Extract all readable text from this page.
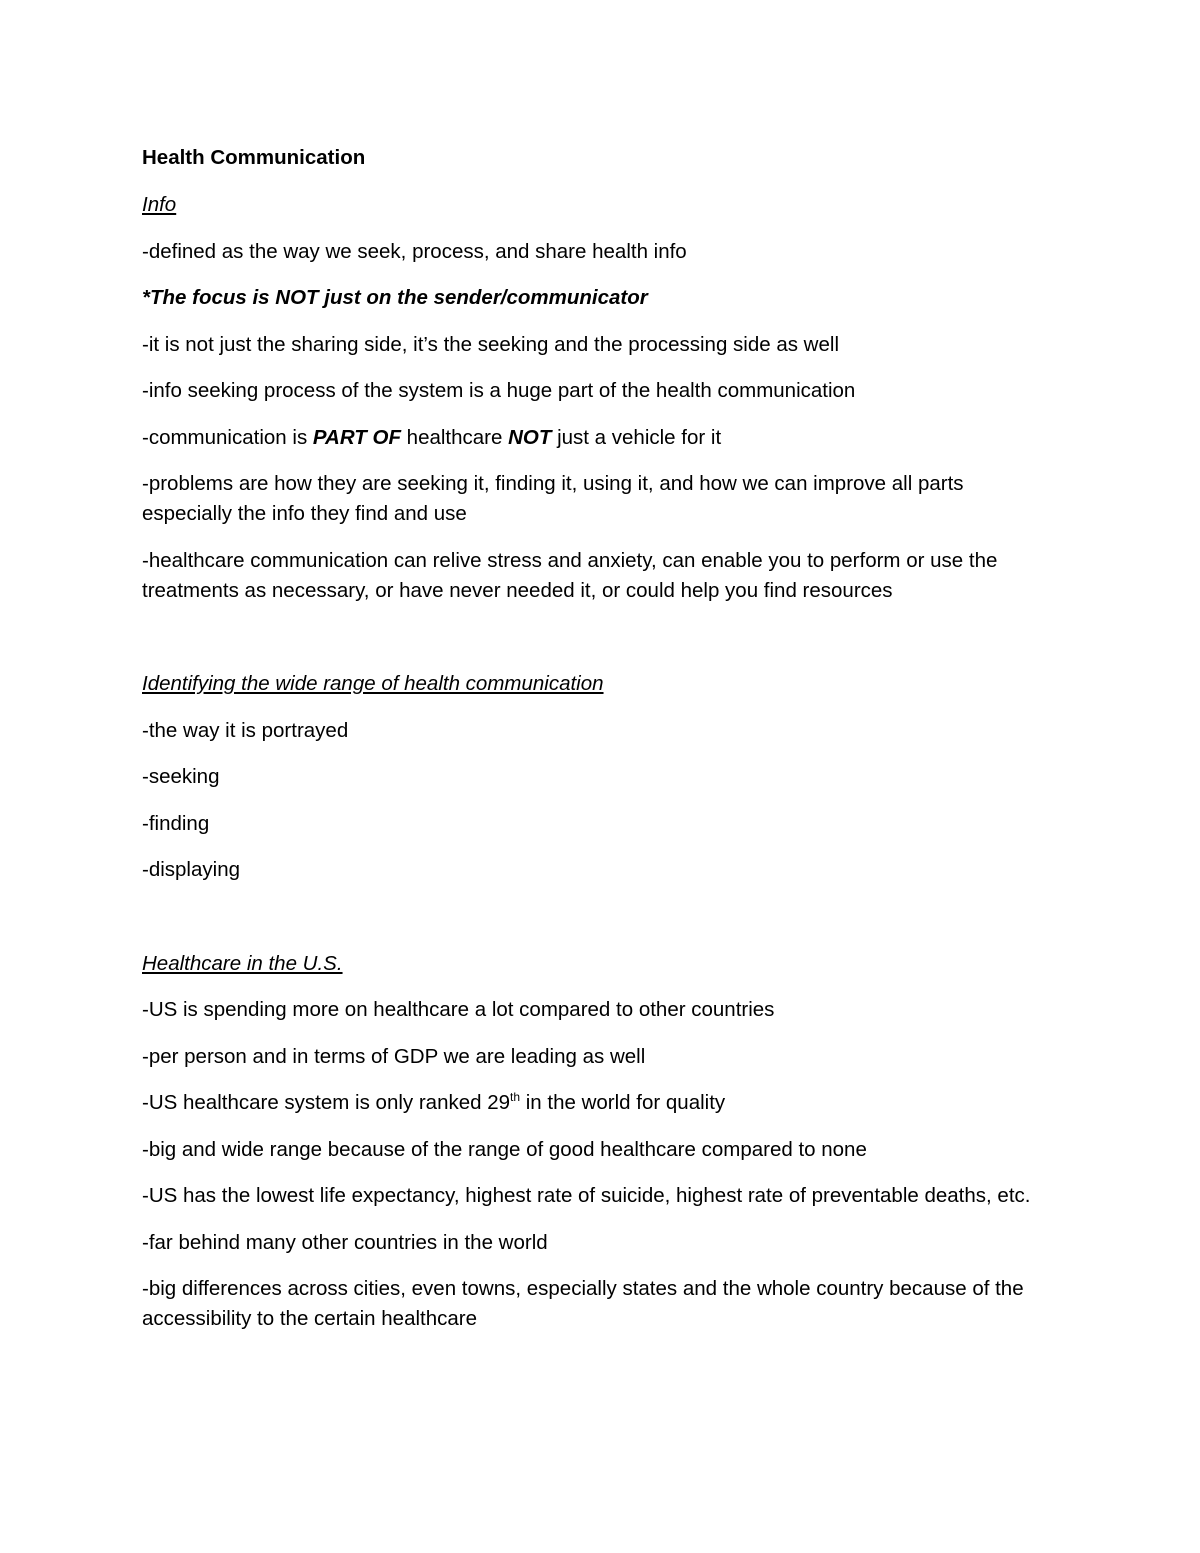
Health Communication

Info

-defined as the way we seek, process, and share health info

*The focus is NOT just on the sender/communicator

-it is not just the sharing side, it’s the seeking and the processing side as well

-info seeking process of the system is a huge part of the health communication

-communication is PART OF healthcare NOT just a vehicle for it

-problems are how they are seeking it, finding it, using it, and how we can improve all parts especially the info they find and use

-healthcare communication can relive stress and anxiety, can enable you to perform or use the treatments as necessary, or have never needed it, or could help you find resources

Identifying the wide range of health communication

-the way it is portrayed

-seeking

-finding

-displaying

Healthcare in the U.S.

-US is spending more on healthcare a lot compared to other countries

-per person and in terms of GDP we are leading as well

-US healthcare system is only ranked 29th in the world for quality

-big and wide range because of the range of good healthcare compared to none

-US has the lowest life expectancy, highest rate of suicide, highest rate of preventable deaths, etc.

-far behind many other countries in the world

-big differences across cities, even towns, especially states and the whole country because of the accessibility to the certain healthcare
